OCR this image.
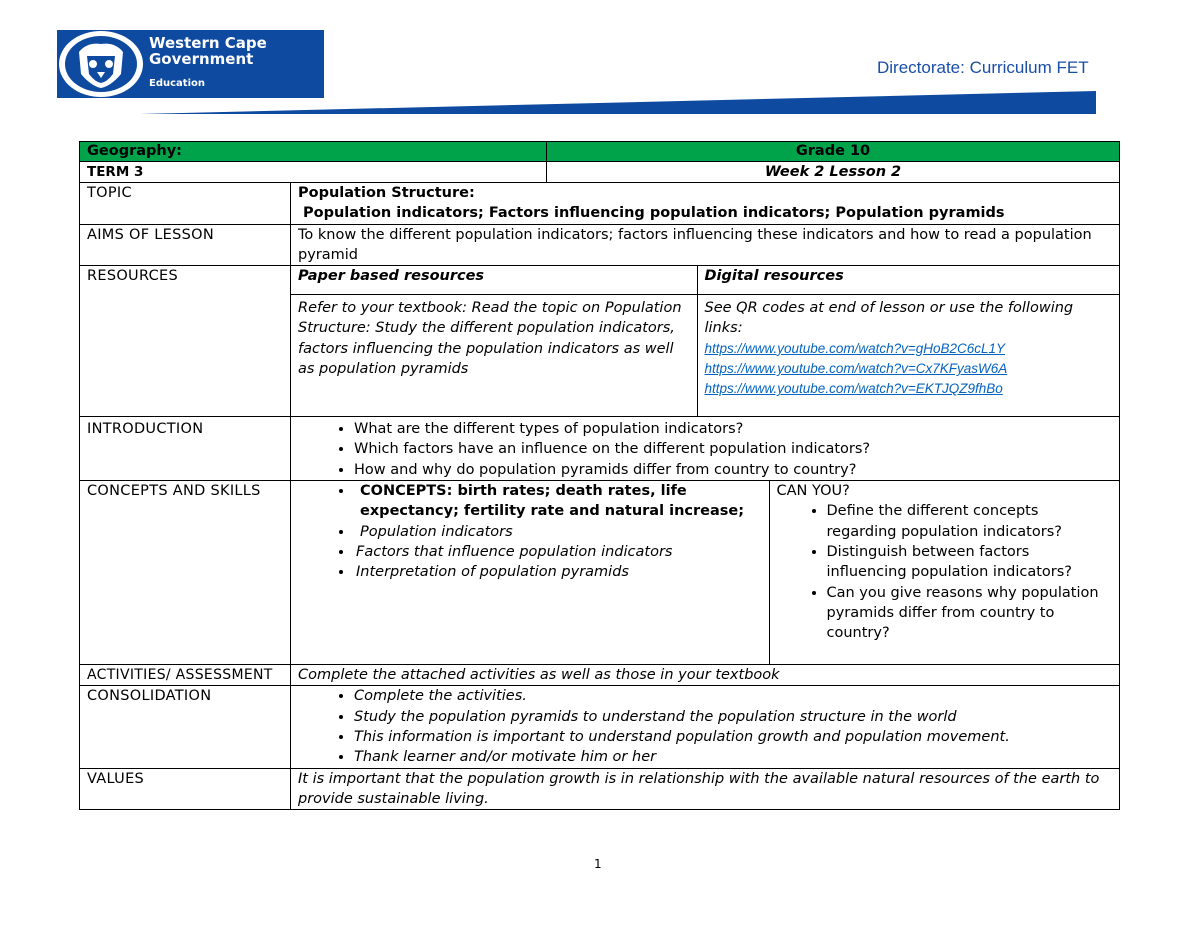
Western Cape
Government
Education
Directorate: Curriculum FET
Geography:	Grade 10
TERM 3	Week 2 Lesson 2
TOPIC	Population Structure:
Population indicators; Factors influencing population indicators; Population pyramids

AIMS OF LESSON	To know the different population indicators; factors influencing these indicators and how to read a population pyramid
RESOURCES		Paper based resources	Digital resources
Refer to your textbook: Read the topic on Population Structure: Study the different population indicators, factors influencing the population indicators as well as population pyramids	
See QR codes at end of lesson or use the following links:
https://www.youtube.com/watch?v=gHoB2C6cL1Y
https://www.youtube.com/watch?v=Cx7KFyasW6A
https://www.youtube.com/watch?v=EKTJQZ9fhBo

INTRODUCTION	
•What are the different types of population indicators?
• Which factors have an influence on the different population indicators?
• How and why do population pyramids differ from country to country?

CONCEPTS AND SKILLS	
•	CONCEPTS: birth rates; death rates, life expectancy; fertility rate and natural increase;
• Population indicators
• Factors that influence population indicators
• Interpretation of population pyramids

CAN YOU?
• Define the different concepts regarding population indicators?
• Distinguish between factors influencing population indicators?
• Can you give reasons why population pyramids differ from country to country?

ACTIVITIES/ ASSESSMENT	Complete the attached activities as well as those in your textbook
CONSOLIDATION	
•Complete the activities.
• Study the population pyramids to understand the population structure in the world
• This information is important to understand population growth and population movement.
• Thank learner and/or motivate him or her

VALUES	It is important that the population growth is in relationship with the available natural resources of the earth to provide sustainable living.
1
